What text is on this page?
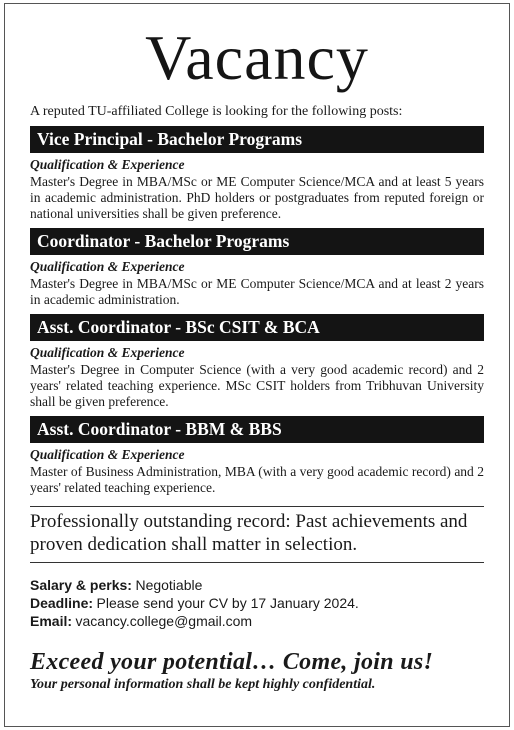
Vacancy
A reputed TU-affiliated College is looking for the following posts:
Vice Principal - Bachelor Programs
Qualification & Experience
Master's Degree in MBA/MSc or ME Computer Science/MCA and at least 5 years in academic administration. PhD holders or postgraduates from reputed foreign or national universities shall be given preference.
Coordinator - Bachelor Programs
Qualification & Experience
Master's Degree in MBA/MSc or ME Computer Science/MCA and at least 2 years in academic administration.
Asst. Coordinator - BSc CSIT & BCA
Qualification & Experience
Master's Degree in Computer Science (with a very good academic record) and 2 years' related teaching experience. MSc CSIT holders from Tribhuvan University shall be given preference.
Asst. Coordinator - BBM & BBS
Qualification & Experience
Master of Business Administration, MBA (with a very good academic record) and 2 years' related teaching experience.
Professionally outstanding record: Past achievements and proven dedication shall matter in selection.
Salary & perks: Negotiable
Deadline: Please send your CV by 17 January 2024.
Email: vacancy.college@gmail.com
Exceed your potential… Come, join us!
Your personal information shall be kept highly confidential.
